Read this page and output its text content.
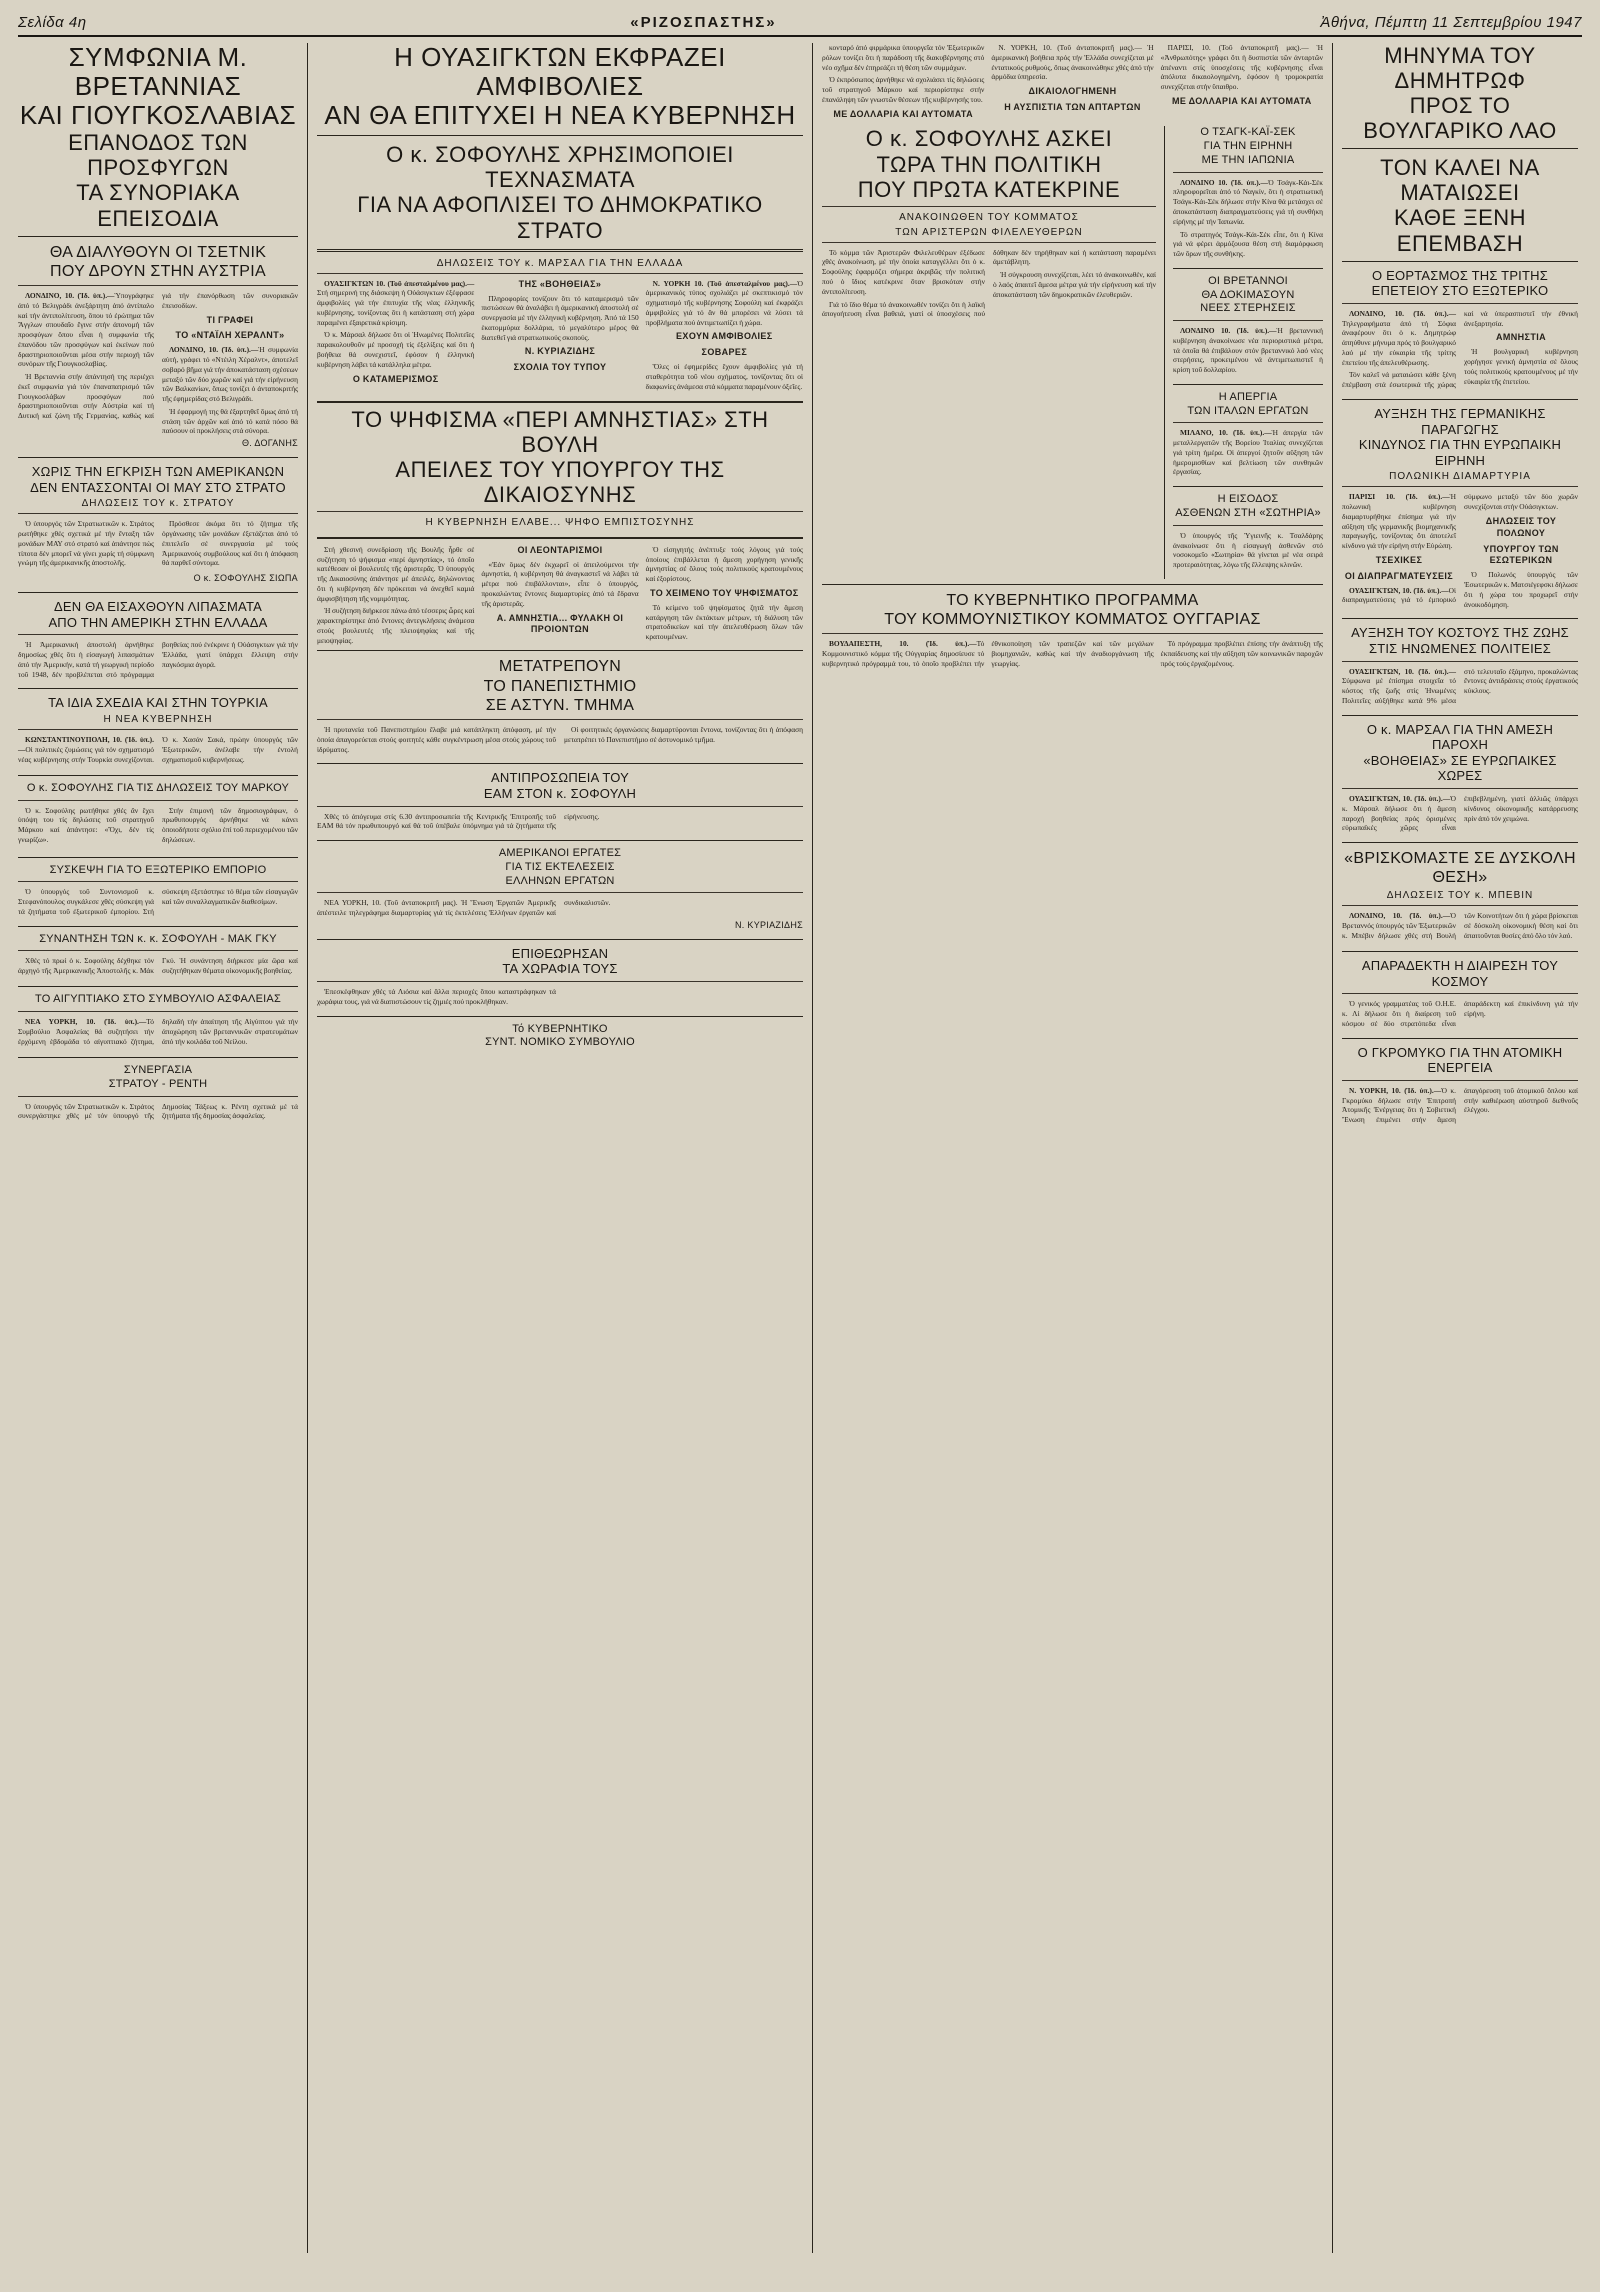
Σελίδα 4η	«ΡΙΖΟΣΠΑΣΤΗΣ»	Ἀθήνα, Πέμπτη 11 Σεπτεμβρίου 1947
ΣΥΜΦΩΝΙΑ Μ. ΒΡΕΤΑΝΝΙΑΣ
ΚΑΙ ΓΙΟΥΓΚΟΣΛΑΒΙΑΣ
ΕΠΑΝΟΔΟΣ ΤΩΝ ΠΡΟΣΦΥΓΩΝ
ΤΑ ΣΥΝΟΡΙΑΚΑ ΕΠΕΙΣΟΔΙΑ
ΘΑ ΔΙΑΛΥΘΟΥΝ ΟΙ ΤΣΕΤΝΙΚ
ΠΟΥ ΔΡΟΥΝ ΣΤΗΝ ΑΥΣΤΡΙΑ

ΛΟΝΔΙΝΟ, 10. (Ίδ. ὑπ.).—Ὑπογράφηκε ἀπό τό Βελιγράδι ἀνεξάρτητη ἀπό ἀντίπαλο καί τήν ἀντιπολίτευση, ὅπου τό ἐρώτημα τῶν Ἄγγλων σπουδαῖο ἔγινε στήν ἀπονομή τῶν προσφύγων ὅπου εἶναι ἡ συμφωνία τῆς ἐπανόδου τῶν προσφύγων καί ἐκείνων πού δραστηριοποιοῦνται μέσα στήν περιοχή τῶν συνόρων τῆς Γιουγκοσλαβίας.

Ἡ Βρεταννία στήν ἀπάντησή της περιέχει ἐκεῖ συμφωνία γιά τόν ἐπαναπατρισμό τῶν Γιουγκοσλάβων προσφύγων πού δραστηριοποιοῦνται στήν Αὐστρία καί τή Δυτική καί ζώνη τῆς Γερμανίας, καθώς καί γιά τήν ἐπανόρθωση τῶν συνοριακῶν ἐπεισοδίων.

ΤΙ ΓΡΑΦΕΙ
ΤΟ «ΝΤΑΪΛΗ ΧΕΡΑΛΝΤ»

ΛΟΝΔΙΝΟ, 10. (Ίδ. ὑπ.).—Ἡ συμφωνία αὐτή, γράφει τό «Ντέιλη Χέραλντ», ἀποτελεῖ σοβαρό βῆμα γιά τήν ἀποκατάσταση σχέσεων μεταξύ τῶν δύο χωρῶν καί γιά τήν εἰρήνευση τῶν Βαλκανίων, ὅπως τονίζει ὁ ἀνταποκριτής τῆς ἐφημερίδας στό Βελιγράδι.

Ἡ ἐφαρμογή της θά ἐξαρτηθεῖ ὅμως ἀπό τή στάση τῶν ἀρχῶν καί ἀπό τό κατά πόσο θά παύσουν οἱ προκλήσεις στά σύνορα.

Θ. ΔΟΓΑΝΗΣ
ΧΩΡΙΣ ΤΗΝ ΕΓΚΡΙΣΗ ΤΩΝ ΑΜΕΡΙΚΑΝΩΝ
ΔΕΝ ΕΝΤΑΣΣΟΝΤΑΙ ΟΙ ΜΑΥ ΣΤΟ ΣΤΡΑΤΟ
ΔΗΛΩΣΕΙΣ ΤΟΥ κ. ΣΤΡΑΤΟΥ

Ὁ ὑπουργός τῶν Στρατιωτικῶν κ. Στράτος ρωτήθηκε χθές σχετικά μέ τήν ἔνταξη τῶν μονάδων ΜΑΥ στό στρατό καί ἀπάντησε πώς τίποτα δέν μπορεῖ νά γίνει χωρίς τή σύμφωνη γνώμη τῆς ἀμερικανικῆς ἀποστολῆς.

Πρόσθεσε ἀκόμα ὅτι τό ζήτημα τῆς ὀργάνωσης τῶν μονάδων ἐξετάζεται ἀπό τό ἐπιτελεῖο σέ συνεργασία μέ τούς Ἀμερικανούς συμβούλους καί ὅτι ἡ ἀπόφαση θά παρθεῖ σύντομα.

Ο κ. ΣΟΦΟΥΛΗΣ ΣΙΩΠΑ
ΔΕΝ ΘΑ ΕΙΣΑΧΘΟΥΝ ΛΙΠΑΣΜΑΤΑ
ΑΠΟ ΤΗΝ ΑΜΕΡΙΚΗ ΣΤΗΝ ΕΛΛΑΔΑ

Ἡ Ἀμερικανική ἀποστολή ἀρνήθηκε δημοσίως χθές ὅτι ἡ εἰσαγωγή λιπασμάτων ἀπό τήν Ἀμερικήν, κατά τή γεωργική περίοδο τοῦ 1948, δέν προβλέπεται στό πρόγραμμα βοηθείας πού ἐνέκρινε ἡ Οὐάσιγκτων γιά τήν Ἑλλάδα, γιατί ὑπάρχει ἔλλειψη στήν παγκόσμια ἀγορά.

ΤΑ ΙΔΙΑ ΣΧΕΔΙΑ ΚΑΙ ΣΤΗΝ ΤΟΥΡΚΙΑ
Η ΝΕΑ ΚΥΒΕΡΝΗΣΗ

ΚΩΝΣΤΑΝΤΙΝΟΥΠΟΛΗ, 10. (Ίδ. ὑπ.).—Οἱ πολιτικές ζυμώσεις γιά τόν σχηματισμό νέας κυβέρνησης στήν Τουρκία συνεχίζονται. Ὁ κ. Χασάν Σακά, πρώην ὑπουργός τῶν Ἐξωτερικῶν, ἀνέλαβε τήν ἐντολή σχηματισμοῦ κυβερνήσεως.

Ο κ. ΣΟΦΟΥΛΗΣ ΓΙΑ ΤΙΣ ΔΗΛΩΣΕΙΣ ΤΟΥ ΜΑΡΚΟΥ

Ὁ κ. Σοφούλης ρωτήθηκε χθές ἄν ἔχει ὑπόψη του τίς δηλώσεις τοῦ στρατηγοῦ Μάρκου καί ἀπάντησε: «Ὄχι, δέν τίς γνωρίζω».

Στήν ἐπιμονή τῶν δημοσιογράφων, ὁ πρωθυπουργός ἀρνήθηκε νά κάνει ὁποιοδήποτε σχόλιο ἐπί τοῦ περιεχομένου τῶν δηλώσεων.

ΣΥΣΚΕΨΗ ΓΙΑ ΤΟ ΕΞΩΤΕΡΙΚΟ ΕΜΠΟΡΙΟ

Ὁ ὑπουργός τοῦ Συντονισμοῦ κ. Στεφανόπουλος συγκάλεσε χθές σύσκεψη γιά τά ζητήματα τοῦ ἐξωτερικοῦ ἐμπορίου. Στή σύσκεψη ἐξετάστηκε τό θέμα τῶν εἰσαγωγῶν καί τῶν συναλλαγματικῶν διαθεσίμων.

ΣΥΝΑΝΤΗΣΗ ΤΩΝ κ. κ. ΣΟΦΟΥΛΗ - ΜΑΚ ΓΚΥ

Χθές τό πρωί ὁ κ. Σοφούλης δέχθηκε τόν ἀρχηγό τῆς Ἀμερικανικῆς Ἀποστολῆς κ. Μάκ Γκύ. Ἡ συνάντηση διήρκεσε μία ὥρα καί συζητήθηκαν θέματα οἰκονομικῆς βοηθείας.

ΤΟ ΑΙΓΥΠΤΙΑΚΟ ΣΤΟ ΣΥΜΒΟΥΛΙΟ ΑΣΦΑΛΕΙΑΣ

ΝΕΑ ΥΟΡΚΗ, 10. (Ίδ. ὑπ.).—Τό Συμβούλιο Ἀσφαλείας θά συζητήσει τήν ἐρχόμενη ἑβδομάδα τό αἰγυπτιακό ζήτημα, δηλαδή τήν ἀπαίτηση τῆς Αἰγύπτου γιά τήν ἀποχώρηση τῶν βρεταννικῶν στρατευμάτων ἀπό τήν κοιλάδα τοῦ Νείλου.

ΣΥΝΕΡΓΑΣΙΑ
ΣΤΡΑΤΟΥ - ΡΕΝΤΗ

Ὁ ὑπουργός τῶν Στρατιωτικῶν κ. Στράτος συνεργάστηκε χθές μέ τόν ὑπουργό τῆς Δημοσίας Τάξεως κ. Ρέντη σχετικά μέ τά ζητήματα τῆς δημοσίας ἀσφαλείας.

Η ΟΥΑΣΙΓΚΤΩΝ ΕΚΦΡΑΖΕΙ ΑΜΦΙΒΟΛΙΕΣ
ΑΝ ΘΑ ΕΠΙΤΥΧΕΙ Η ΝΕΑ ΚΥΒΕΡΝΗΣΗ
Ο κ. ΣΟΦΟΥΛΗΣ ΧΡΗΣΙΜΟΠΟΙΕΙ ΤΕΧΝΑΣΜΑΤΑ
ΓΙΑ ΝΑ ΑΦΟΠΛΙΣΕΙ ΤΟ ΔΗΜΟΚΡΑΤΙΚΟ ΣΤΡΑΤΟ
ΔΗΛΩΣΕΙΣ ΤΟΥ κ. ΜΑΡΣΑΛ ΓΙΑ ΤΗΝ ΕΛΛΑΔΑ

ΟΥΑΣΙΓΚΤΩΝ 10. (Τοῦ ἀπεσταλμένου μας).—Στή σημερινή της διάσκεψη ἡ Οὐάσιγκτων ἐξέφρασε ἀμφιβολίες γιά τήν ἐπιτυχία τῆς νέας ἑλληνικῆς κυβέρνησης, τονίζοντας ὅτι ἡ κατάσταση στή χώρα παραμένει ἐξαιρετικά κρίσιμη.

Ὁ κ. Μάρσαλ δήλωσε ὅτι οἱ Ἡνωμένες Πολιτεῖες παρακολουθοῦν μέ προσοχή τίς ἐξελίξεις καί ὅτι ἡ βοήθεια θά συνεχιστεῖ, ἐφόσον ἡ ἑλληνική κυβέρνηση λάβει τά κατάλληλα μέτρα.

Ο ΚΑΤΑΜΕΡΙΣΜΟΣ
ΤΗΣ «ΒΟΗΘΕΙΑΣ»

Πληροφορίες τονίζουν ὅτι τό καταμερισμό τῶν πιστώσεων θά ἀναλάβει ἡ ἀμερικανική ἀποστολή σέ συνεργασία μέ τήν ἑλληνική κυβέρνηση. Ἀπό τά 150 ἑκατομμύρια δολλάρια, τό μεγαλύτερο μέρος θά διατεθεῖ γιά στρατιωτικούς σκοπούς.

Ν. ΚΥΡΙΑΖΙΔΗΣ
ΣΧΟΛΙΑ ΤΟΥ ΤΥΠΟΥ

Ν. ΥΟΡΚΗ 10. (Τοῦ ἀπεσταλμένου μας).—Ὁ ἀμερικανικός τύπος σχολιάζει μέ σκεπτικισμό τόν σχηματισμό τῆς κυβέρνησης Σοφούλη καί ἐκφράζει ἀμφιβολίες γιά τό ἄν θά μπορέσει νά λύσει τά προβλήματα πού ἀντιμετωπίζει ἡ χώρα.

ΕΧΟΥΝ ΑΜΦΙΒΟΛΙΕΣ
ΣΟΒΑΡΕΣ

Ὅλες οἱ ἐφημερίδες ἔχουν ἀμφιβολίες γιά τή σταθερότητα τοῦ νέου σχήματος, τονίζοντας ὅτι οἱ διαφωνίες ἀνάμεσα στά κόμματα παραμένουν ὀξεῖες.

ΤΟ ΨΗΦΙΣΜΑ «ΠΕΡΙ ΑΜΝΗΣΤΙΑΣ» ΣΤΗ ΒΟΥΛΗ
ΑΠΕΙΛΕΣ ΤΟΥ ΥΠΟΥΡΓΟΥ ΤΗΣ ΔΙΚΑΙΟΣΥΝΗΣ
Η ΚΥΒΕΡΝΗΣΗ ΕΛΑΒΕ... ΨΗΦΟ ΕΜΠΙΣΤΟΣΥΝΗΣ

Στή χθεσινή συνεδρίαση τῆς Βουλῆς ἦρθε σέ συζήτηση τό ψήφισμα «περί ἀμνηστίας», τό ὁποῖο κατέθεσαν οἱ βουλευτές τῆς ἀριστερᾶς. Ὁ ὑπουργός τῆς Δικαιοσύνης ἀπάντησε μέ ἀπειλές, δηλώνοντας ὅτι ἡ κυβέρνηση δέν πρόκειται νά ἀνεχθεῖ καμιά ἀμφισβήτηση τῆς νομιμότητας.

Ἡ συζήτηση διήρκεσε πάνω ἀπό τέσσερις ὧρες καί χαρακτηρίστηκε ἀπό ἔντονες ἀντεγκλήσεις ἀνάμεσα στούς βουλευτές τῆς πλειοψηφίας καί τῆς μειοψηφίας.

ΟΙ ΛΕΟΝΤΑΡΙΣΜΟΙ

«Ἐάν ὅμως δέν ἐκχωρεῖ οἱ ἀπειλούμενοι τήν ἀμνηστία, ἡ κυβέρνηση θά ἀναγκαστεῖ νά λάβει τά μέτρα πού ἐπιβάλλονται», εἶπε ὁ ὑπουργός, προκαλώντας ἔντονες διαμαρτυρίες ἀπό τά ἕδρανα τῆς ἀριστερᾶς.

Α. ΑΜΝΗΣΤΙΑ... ΦΥΛΑΚΗ ΟΙ ΠΡΟΙΟΝΤΩΝ

Ὁ εἰσηγητής ἀνέπτυξε τούς λόγους γιά τούς ὁποίους ἐπιβάλλεται ἡ ἄμεση χορήγηση γενικῆς ἀμνηστίας σέ ὅλους τούς πολιτικούς κρατουμένους καί ἐξορίστους.

ΤΟ ΧΕΙΜΕΝΟ ΤΟΥ ΨΗΦΙΣΜΑΤΟΣ

Τό κείμενο τοῦ ψηφίσματος ζητᾶ τήν ἄμεση κατάργηση τῶν ἐκτάκτων μέτρων, τή διάλυση τῶν στρατοδικείων καί τήν ἀπελευθέρωση ὅλων τῶν κρατουμένων.

ΜΕΤΑΤΡΕΠΟΥΝ
ΤΟ ΠΑΝΕΠΙΣΤΗΜΙΟ
ΣΕ ΑΣΤΥΝ. ΤΜΗΜΑ

Ἡ πρυτανεία τοῦ Πανεπιστημίου ἔλαβε μιά κατάπληκτη ἀπόφαση, μέ τήν ὁποία ἀπαγορεύεται στούς φοιτητές κάθε συγκέντρωση μέσα στούς χώρους τοῦ ἱδρύματος.

Οἱ φοιτητικές ὀργανώσεις διαμαρτύρονται ἔντονα, τονίζοντας ὅτι ἡ ἀπόφαση μετατρέπει τό Πανεπιστήμιο σέ ἀστυνομικό τμῆμα.

ΑΝΤΙΠΡΟΣΩΠΕΙΑ ΤΟΥ
ΕΑΜ ΣΤΟΝ κ. ΣΟΦΟΥΛΗ

Χθές τό ἀπόγευμα στίς 6.30 ἀντιπροσωπεία τῆς Κεντρικῆς Ἐπιτροπῆς τοῦ ΕΑΜ θά τόν πρωθυπουργό καί θά τοῦ ὑπέβαλε ὑπόμνημα γιά τά ζητήματα τῆς εἰρήνευσης.

ΑΜΕΡΙΚΑΝΟΙ ΕΡΓΑΤΕΣ
ΓΙΑ ΤΙΣ ΕΚΤΕΛΕΣΕΙΣ
ΕΛΛΗΝΩΝ ΕΡΓΑΤΩΝ

ΝΕΑ ΥΟΡΚΗ, 10. (Τοῦ ἀνταποκριτῆ μας). Ἡ Ἕνωση Ἐργατῶν Ἀμερικῆς ἀπέστειλε τηλεγράφημα διαμαρτυρίας γιά τίς ἐκτελέσεις Ἑλλήνων ἐργατῶν καί συνδικαλιστῶν.

Ν. ΚΥΡΙΑΖΙΔΗΣ
ΕΠΙΘΕΩΡΗΣΑΝ
ΤΑ ΧΩΡΑΦΙΑ ΤΟΥΣ

Ἐπεσκέφθηκαν χθές τά Λιόσια καί ἄλλα περιοχές ὅπου καταστράφηκαν τά χωράφια τους, γιά νά διαπιστώσουν τίς ζημιές πού προκλήθηκαν.

Τό ΚΥΒΕΡΝΗΤΙΚΟ
ΣΥΝΤ. ΝΟΜΙΚΟ ΣΥΜΒΟΥΛΙΟ

κονταρό ἀπό φιρμάρικα ὑπουργεῖα τόν Ἑξωτερικῶν ρόλων τονίζει ὅτι ἡ παράδοση τῆς διακυβέρνησης στό νέο σχῆμα δέν ἐπηρεάζει τή θέση τῶν συμμάχων.

Ὁ ἐκπρόσωπος ἀρνήθηκε νά σχολιάσει τίς δηλώσεις τοῦ στρατηγοῦ Μάρκου καί περιορίστηκε στήν ἐπανάληψη τῶν γνωστῶν θέσεων τῆς κυβέρνησής του.

ΜΕ ΔΟΛΛΑΡΙΑ ΚΑΙ ΑΥΤΟΜΑΤΑ

Ν. ΥΟΡΚΗ, 10. (Τοῦ ἀνταποκριτῆ μας).— Ἡ ἀμερικανική βοήθεια πρός τήν Ἑλλάδα συνεχίζεται μέ ἐντατικούς ρυθμούς, ὅπως ἀνακοινώθηκε χθές ἀπό τήν ἁρμόδια ὑπηρεσία.

ΔΙΚΑΙΟΛΟΓΗΜΕΝΗ
Η ΑΥΣΠΙΣΤΙΑ ΤΩΝ ΑΠΤΑΡΤΩΝ

ΠΑΡΙΣΙ, 10. (Τοῦ ἀνταποκριτῆ μας).— Ἡ «Ἀνθρωπότης» γράφει ὅτι ἡ δυσπιστία τῶν ἀνταρτῶν ἀπέναντι στίς ὑποσχέσεις τῆς κυβέρνησης εἶναι ἀπόλυτα δικαιολογημένη, ἐφόσον ἡ τρομοκρατία συνεχίζεται στήν ὕπαιθρο.

ΜΕ ΔΟΛΛΑΡΙΑ ΚΑΙ ΑΥΤΟΜΑΤΑ
Ο κ. ΣΟΦΟΥΛΗΣ ΑΣΚΕΙ
ΤΩΡΑ ΤΗΝ ΠΟΛΙΤΙΚΗ
ΠΟΥ ΠΡΩΤΑ ΚΑΤΕΚΡΙΝΕ
ΑΝΑΚΟΙΝΩΘΕΝ ΤΟΥ ΚΟΜΜΑΤΟΣ
ΤΩΝ ΑΡΙΣΤΕΡΩΝ ΦΙΛΕΛΕΥΘΕΡΩΝ

Τό κόμμα τῶν Ἀριστερῶν Φιλελευθέρων ἐξέδωσε χθές ἀνακοίνωση, μέ τήν ὁποία καταγγέλλει ὅτι ὁ κ. Σοφούλης ἐφαρμόζει σήμερα ἀκριβῶς τήν πολιτική πού ὁ ἴδιος κατέκρινε ὅταν βρισκόταν στήν ἀντιπολίτευση.

Γιά τό ἴδιο θέμα τό ἀνακοινωθέν τονίζει ὅτι ἡ λαϊκή ἀπογοήτευση εἶναι βαθειά, γιατί οἱ ὑποσχέσεις πού δόθηκαν δέν τηρήθηκαν καί ἡ κατάσταση παραμένει ἀμετάβλητη.

Ἡ σύγκρουση συνεχίζεται, λέει τό ἀνακοινωθέν, καί ὁ λαός ἀπαιτεῖ ἄμεσα μέτρα γιά τήν εἰρήνευση καί τήν ἀποκατάσταση τῶν δημοκρατικῶν ἐλευθεριῶν.

Ο ΤΣΑΓΚ-ΚΑΪ-ΣΕΚ
ΓΙΑ ΤΗΝ ΕΙΡΗΝΗ
ΜΕ ΤΗΝ ΙΑΠΩΝΙΑ

ΛΟΝΔΙΝΟ 10. (Ίδ. ὑπ.).—Ὁ Τσάγκ-Κάι-Σέκ πληροφορεῖται ἀπό τό Ναγκίν, ὅτι ἡ στρατιωτική Τσάγκ-Κάι-Σέκ δήλωσε στήν Κίνα θά μετάσχει σέ ἀποκατάσταση διαπραγματεύσεις γιά τή συνθήκη εἰρήνης μέ τήν Ἰαπωνία.

Τό στρατηγός Τσάγκ-Κάι-Σέκ εἶπε, ὅτι ἡ Κίνα γιά νά φέρει ἁρμόζουσα θέση στή διαμόρφωση τῶν ὅρων τῆς συνθήκης.

ΟΙ ΒΡΕΤΑΝΝΟΙ
ΘΑ ΔΟΚΙΜΑΣΟΥΝ
ΝΕΕΣ ΣΤΕΡΗΣΕΙΣ

ΛΟΝΔΙΝΟ 10. (Ίδ. ὑπ.).—Ἡ βρεταννική κυβέρνηση ἀνακοίνωσε νέα περιοριστικά μέτρα, τά ὁποῖα θά ἐπιβάλουν στόν βρεταννικό λαό νέες στερήσεις, προκειμένου νά ἀντιμετωπιστεῖ ἡ κρίση τοῦ δολλαρίου.

Η ΑΠΕΡΓΙΑ
ΤΩΝ ΙΤΑΛΩΝ ΕΡΓΑΤΩΝ

ΜΙΛΑΝΟ, 10. (Ίδ. ὑπ.).—Ἡ ἀπεργία τῶν μεταλλεργατῶν τῆς Βορείου Ἰταλίας συνεχίζεται γιά τρίτη ἡμέρα. Οἱ ἀπεργοί ζητοῦν αὔξηση τῶν ἡμερομισθίων καί βελτίωση τῶν συνθηκῶν ἐργασίας.

Η ΕΙΣΟΔΟΣ
ΑΣΘΕΝΩΝ ΣΤΗ «ΣΩΤΗΡΙΑ»

Ὁ ὑπουργός τῆς Ὑγιεινῆς κ. Τσαλδάρης ἀνακοίνωσε ὅτι ἡ εἰσαγωγή ἀσθενῶν στό νοσοκομεῖο «Σωτηρία» θά γίνεται μέ νέα σειρά προτεραιότητας, λόγω τῆς ἔλλειψης κλινῶν.

ΤΟ ΚΥΒΕΡΝΗΤΙΚΟ ΠΡΟΓΡΑΜΜΑ
ΤΟΥ ΚΟΜΜΟΥΝΙΣΤΙΚΟΥ ΚΟΜΜΑΤΟΣ ΟΥΓΓΑΡΙΑΣ

ΒΟΥΔΑΠΕΣΤΗ, 10. (Ίδ. ὑπ.).—Τό Κομμουνιστικό κόμμα τῆς Οὐγγαρίας δημοσίευσε τό κυβερνητικό πρόγραμμά του, τό ὁποῖο προβλέπει τήν ἐθνικοποίηση τῶν τραπεζῶν καί τῶν μεγάλων βιομηχανιῶν, καθώς καί τήν ἀναδιοργάνωση τῆς γεωργίας.

Τό πρόγραμμα προβλέπει ἐπίσης τήν ἀνάπτυξη τῆς ἐκπαίδευσης καί τήν αὔξηση τῶν κοινωνικῶν παροχῶν πρός τούς ἐργαζομένους.

ΜΗΝΥΜΑ ΤΟΥ ΔΗΜΗΤΡΩΦ
ΠΡΟΣ ΤΟ ΒΟΥΛΓΑΡΙΚΟ ΛΑΟ
ΤΟΝ ΚΑΛΕΙ ΝΑ ΜΑΤΑΙΩΣΕΙ
ΚΑΘΕ ΞΕΝΗ ΕΠΕΜΒΑΣΗ
Ο ΕΟΡΤΑΣΜΟΣ ΤΗΣ ΤΡΙΤΗΣ
ΕΠΕΤΕΙΟΥ ΣΤΟ ΕΞΩΤΕΡΙΚΟ

ΛΟΝΔΙΝΟ, 10. (Ίδ. ὑπ.).—Τηλεγραφήματα ἀπό τή Σόφια ἀναφέρουν ὅτι ὁ κ. Δημητρώφ ἀπηύθυνε μήνυμα πρός τό βουλγαρικό λαό μέ τήν εὐκαιρία τῆς τρίτης ἐπετείου τῆς ἀπελευθέρωσης.

Τόν καλεῖ νά ματαιώσει κάθε ξένη ἐπέμβαση στά ἐσωτερικά τῆς χώρας καί νά ὑπερασπιστεῖ τήν ἐθνική ἀνεξαρτησία.

ΑΜΝΗΣΤΙΑ

Ἡ βουλγαρική κυβέρνηση χορήγησε γενική ἀμνηστία σέ ὅλους τούς πολιτικούς κρατουμένους μέ τήν εὐκαιρία τῆς ἐπετείου.

ΑΥΞΗΣΗ ΤΗΣ ΓΕΡΜΑΝΙΚΗΣ ΠΑΡΑΓΩΓΗΣ
ΚΙΝΔΥΝΟΣ ΓΙΑ ΤΗΝ ΕΥΡΩΠΑΙΚΗ ΕΙΡΗΝΗ
ΠΟΛΩΝΙΚΗ ΔΙΑΜΑΡΤΥΡΙΑ

ΠΑΡΙΣΙ 10. (Ίδ. ὑπ.).—Ἡ πολωνική κυβέρνηση διαμαρτυρήθηκε ἐπίσημα γιά τήν αὔξηση τῆς γερμανικῆς βιομηχανικῆς παραγωγῆς, τονίζοντας ὅτι ἀποτελεῖ κίνδυνο γιά τήν εἰρήνη στήν Εὐρώπη.

ΤΣΕΧΙΚΕΣ
ΟΙ ΔΙΑΠΡΑΓΜΑΤΕΥΣΕΙΣ

ΟΥΑΣΙΓΚΤΩΝ, 10. (Ίδ. ὑπ.).—Οἱ διαπραγματεύσεις γιά τό ἐμπορικό σύμφωνο μεταξύ τῶν δύο χωρῶν συνεχίζονται στήν Οὐάσιγκτων.

ΔΗΛΩΣΕΙΣ ΤΟΥ ΠΟΛΩΝΟΥ
ΥΠΟΥΡΓΟΥ ΤΩΝ ΕΣΩΤΕΡΙΚΩΝ

Ὁ Πολωνός ὑπουργός τῶν Ἐσωτερικῶν κ. Ματσιέγεφσκι δήλωσε ὅτι ἡ χώρα του προχωρεῖ στήν ἀνοικοδόμηση.

ΑΥΞΗΣΗ ΤΟΥ ΚΟΣΤΟΥΣ ΤΗΣ ΖΩΗΣ
ΣΤΙΣ ΗΝΩΜΕΝΕΣ ΠΟΛΙΤΕΙΕΣ

ΟΥΑΣΙΓΚΤΩΝ, 10. (Ίδ. ὑπ.).—Σύμφωνα μέ ἐπίσημα στοιχεῖα τό κόστος τῆς ζωῆς στίς Ἡνωμένες Πολιτεῖες αὐξήθηκε κατά 9% μέσα στό τελευταῖο ἑξάμηνο, προκαλώντας ἔντονες ἀντιδράσεις στούς ἐργατικούς κύκλους.

Ο κ. ΜΑΡΣΑΛ ΓΙΑ ΤΗΝ ΑΜΕΣΗ ΠΑΡΟΧΗ
«ΒΟΗΘΕΙΑΣ» ΣΕ ΕΥΡΩΠΑΙΚΕΣ ΧΩΡΕΣ

ΟΥΑΣΙΓΚΤΩΝ, 10. (Ίδ. ὑπ.).—Ὁ κ. Μάρσαλ δήλωσε ὅτι ἡ ἄμεση παροχή βοηθείας πρός ὁρισμένες εὐρωπαϊκές χῶρες εἶναι ἐπιβεβλημένη, γιατί ἀλλιῶς ὑπάρχει κίνδυνος οἰκονομικῆς κατάρρευσης πρίν ἀπό τόν χειμώνα.

«ΒΡΙΣΚΟΜΑΣΤΕ ΣΕ ΔΥΣΚΟΛΗ ΘΕΣΗ»
ΔΗΛΩΣΕΙΣ ΤΟΥ κ. ΜΠΕΒΙΝ

ΛΟΝΔΙΝΟ, 10. (Ίδ. ὑπ.).—Ὁ Βρεταννός ὑπουργός τῶν Ἐξωτερικῶν κ. Μπέβιν δήλωσε χθές στή Βουλή τῶν Κοινοτήτων ὅτι ἡ χώρα βρίσκεται σέ δύσκολη οἰκονομική θέση καί ὅτι ἀπαιτοῦνται θυσίες ἀπό ὅλο τόν λαό.

ΑΠΑΡΑΔΕΚΤΗ Η ΔΙΑΙΡΕΣΗ ΤΟΥ ΚΟΣΜΟΥ

Ὁ γενικός γραμματέας τοῦ Ο.Η.Ε. κ. Λί δήλωσε ὅτι ἡ διαίρεση τοῦ κόσμου σέ δύο στρατόπεδα εἶναι ἀπαράδεκτη καί ἐπικίνδυνη γιά τήν εἰρήνη.

Ο ΓΚΡΟΜΥΚΟ ΓΙΑ ΤΗΝ ΑΤΟΜΙΚΗ ΕΝΕΡΓΕΙΑ

Ν. ΥΟΡΚΗ, 10. (Ίδ. ὑπ.).—Ὁ κ. Γκρομύκο δήλωσε στήν Ἐπιτροπή Ἀτομικῆς Ἐνέργειας ὅτι ἡ Σοβιετική Ἕνωση ἐπιμένει στήν ἄμεση ἀπαγόρευση τοῦ ἀτομικοῦ ὅπλου καί στήν καθιέρωση αὐστηροῦ διεθνοῦς ἐλέγχου.
